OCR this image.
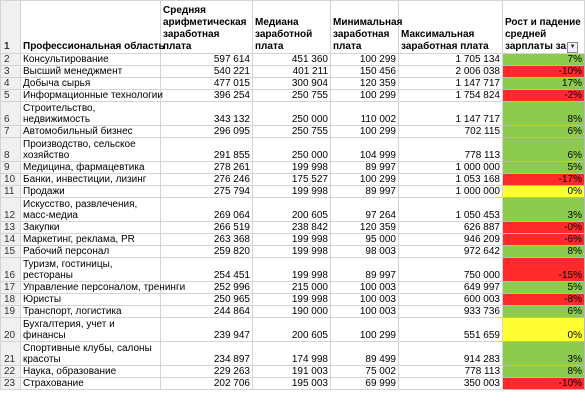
1	Профессиональная область	Средняя арифметическая заработная плата	Медиана заработной плата	Минимальная заработная плата	Максимальная заработная плата	Рост и падение средней зарплаты за ▼
2	Консультирование	597 614	451 360	100 299	1 705 134	7%
3	Высший менеджмент	540 221	401 211	150 456	2 006 038	-10%
4	Добыча сырья	477 015	300 904	120 359	1 147 717	17%
5	Информационные технологии	396 254	250 755	100 299	1 754 824	-2%
6	Строительство, недвижимость	343 132	250 000	110 002	1 147 717	8%
7	Автомобильный бизнес	296 095	250 755	100 299	702 115	6%
8	Производство, сельское хозяйство	291 855	250 000	104 999	778 113	6%
9	Медицина, фармацевтика	278 261	199 998	89 997	1 000 000	5%
10	Банки, инвестиции, лизинг	276 246	175 527	100 299	1 053 168	-17%
11	Продажи	275 794	199 998	89 997	1 000 000	0%
12	Искусство, развлечения, масс-медиа	269 064	200 605	97 264	1 050 453	3%
13	Закупки	266 519	238 842	120 359	626 887	-0%
14	Маркетинг, реклама, PR	263 368	199 998	95 000	946 209	-6%
15	Рабочий персонал	259 820	199 998	98 003	972 642	8%
16	Туризм, гостиницы, рестораны	254 451	199 998	89 997	750 000	-15%
17	Управление персоналом, тренинги	252 996	215 000	100 003	649 997	5%
18	Юристы	250 965	199 998	100 003	600 003	-8%
19	Транспорт, логистика	244 864	190 000	100 003	933 736	6%
20	Бухгалтерия, учет и финансы	239 947	200 605	100 299	551 659	0%
21	Спортивные клубы, салоны красоты	234 897	174 998	89 499	914 283	3%
22	Наука, образование	229 263	191 003	75 002	778 113	8%
23	Страхование	202 706	195 003	69 999	350 003	-10%
